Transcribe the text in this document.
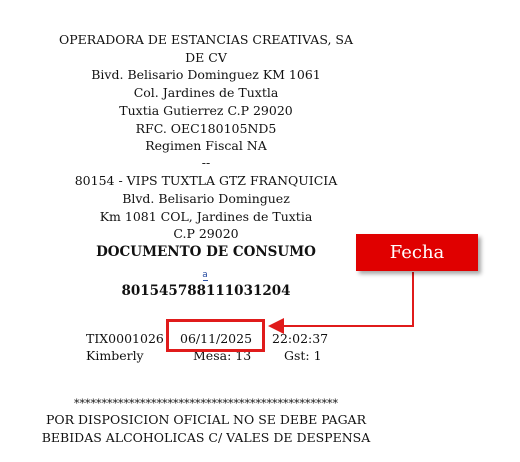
OPERADORA DE ESTANCIAS CREATIVAS, SA
DE CV
Bivd. Belisario Dominguez KM 1061
Col. Jardines de Tuxtla
Tuxtia Gutierrez C.P 29020
RFC. OEC180105ND5
Regimen Fiscal NA
--
80154 - VIPS TUXTLA GTZ FRANQUICIA
Blvd. Belisario Dominguez
Km 1081 COL, Jardines de Tuxtia
C.P 29020
DOCUMENTO DE CONSUMO
a
801545788111031204
TIX0001026 06/11/2025 22:02:37
Kimberly	Mesa: 13	Gst: 1
************************************************
POR DISPOSICION OFICIAL NO SE DEBE PAGAR
BEBIDAS ALCOHOLICAS C/ VALES DE DESPENSA
Fecha
